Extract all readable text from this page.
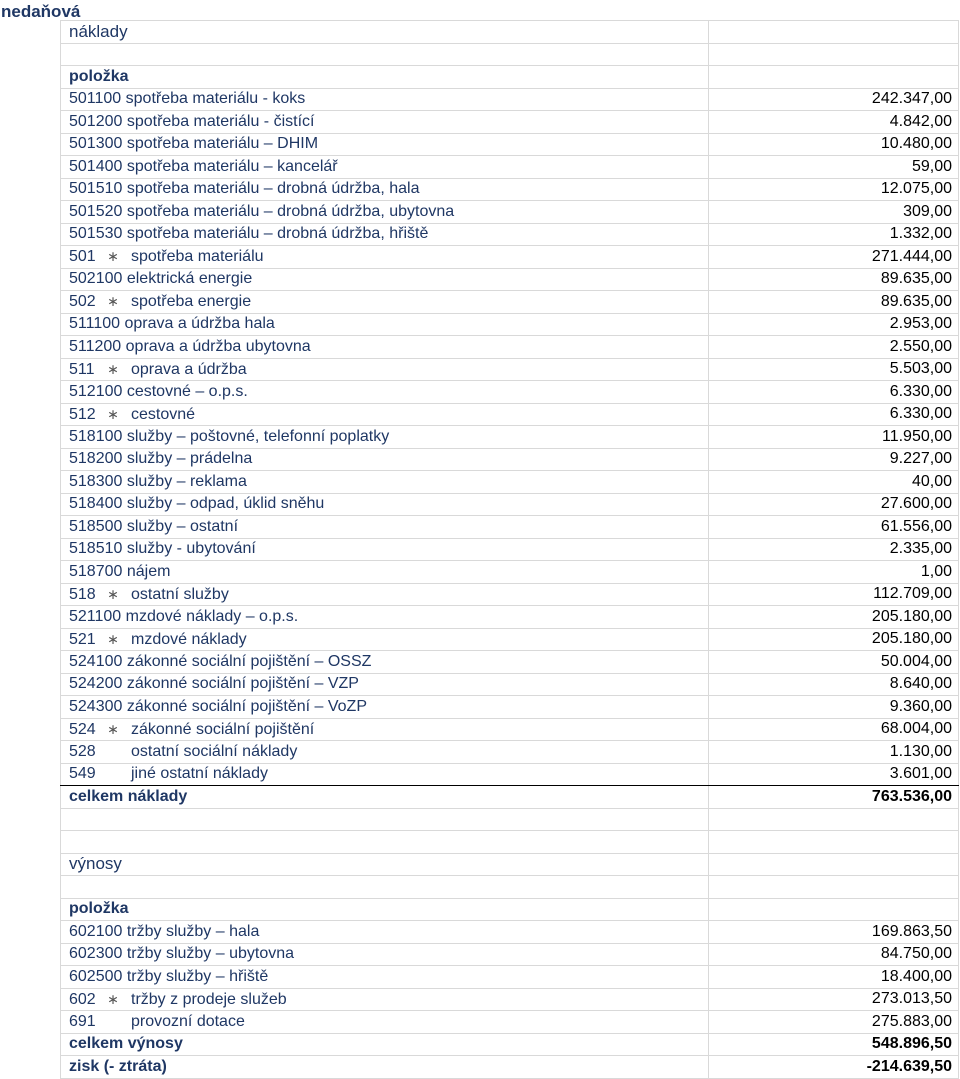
nedaňová
náklady	

položka	
501100 spotřeba materiálu - koks	242.347,00
501200 spotřeba materiálu - čistící	4.842,00
501300 spotřeba materiálu – DHIM	10.480,00
501400 spotřeba materiálu – kancelář	59,00
501510 spotřeba materiálu – drobná údržba, hala	12.075,00
501520 spotřeba materiálu – drobná údržba, ubytovna	309,00
501530 spotřeba materiálu – drobná údržba, hřiště	1.332,00
501 ∗ spotřeba materiálu	271.444,00
502100 elektrická energie	89.635,00
502 ∗ spotřeba energie	89.635,00
511100 oprava a údržba hala	2.953,00
511200 oprava a údržba ubytovna	2.550,00
511 ∗ oprava a údržba	5.503,00
512100 cestovné – o.p.s.	6.330,00
512 ∗ cestovné	6.330,00
518100 služby – poštovné, telefonní poplatky	11.950,00
518200 služby – prádelna	9.227,00
518300 služby – reklama	40,00
518400 služby – odpad, úklid sněhu	27.600,00
518500 služby – ostatní	61.556,00
518510 služby - ubytování	2.335,00
518700 nájem	1,00
518 ∗ ostatní služby	112.709,00
521100 mzdové náklady – o.p.s.	205.180,00
521 ∗ mzdové náklady	205.180,00
524100 zákonné sociální pojištění – OSSZ	50.004,00
524200 zákonné sociální pojištění – VZP	8.640,00
524300 zákonné sociální pojištění – VoZP	9.360,00
524 ∗ zákonné sociální pojištění	68.004,00
528 ostatní sociální náklady	1.130,00
549 jiné ostatní náklady	3.601,00
celkem náklady	763.536,00

výnosy	

položka	
602100 tržby služby – hala	169.863,50
602300 tržby služby – ubytovna	84.750,00
602500 tržby služby – hřiště	18.400,00
602 ∗ tržby z prodeje služeb	273.013,50
691 provozní dotace	275.883,00
celkem výnosy	548.896,50
zisk (- ztráta)	-214.639,50
